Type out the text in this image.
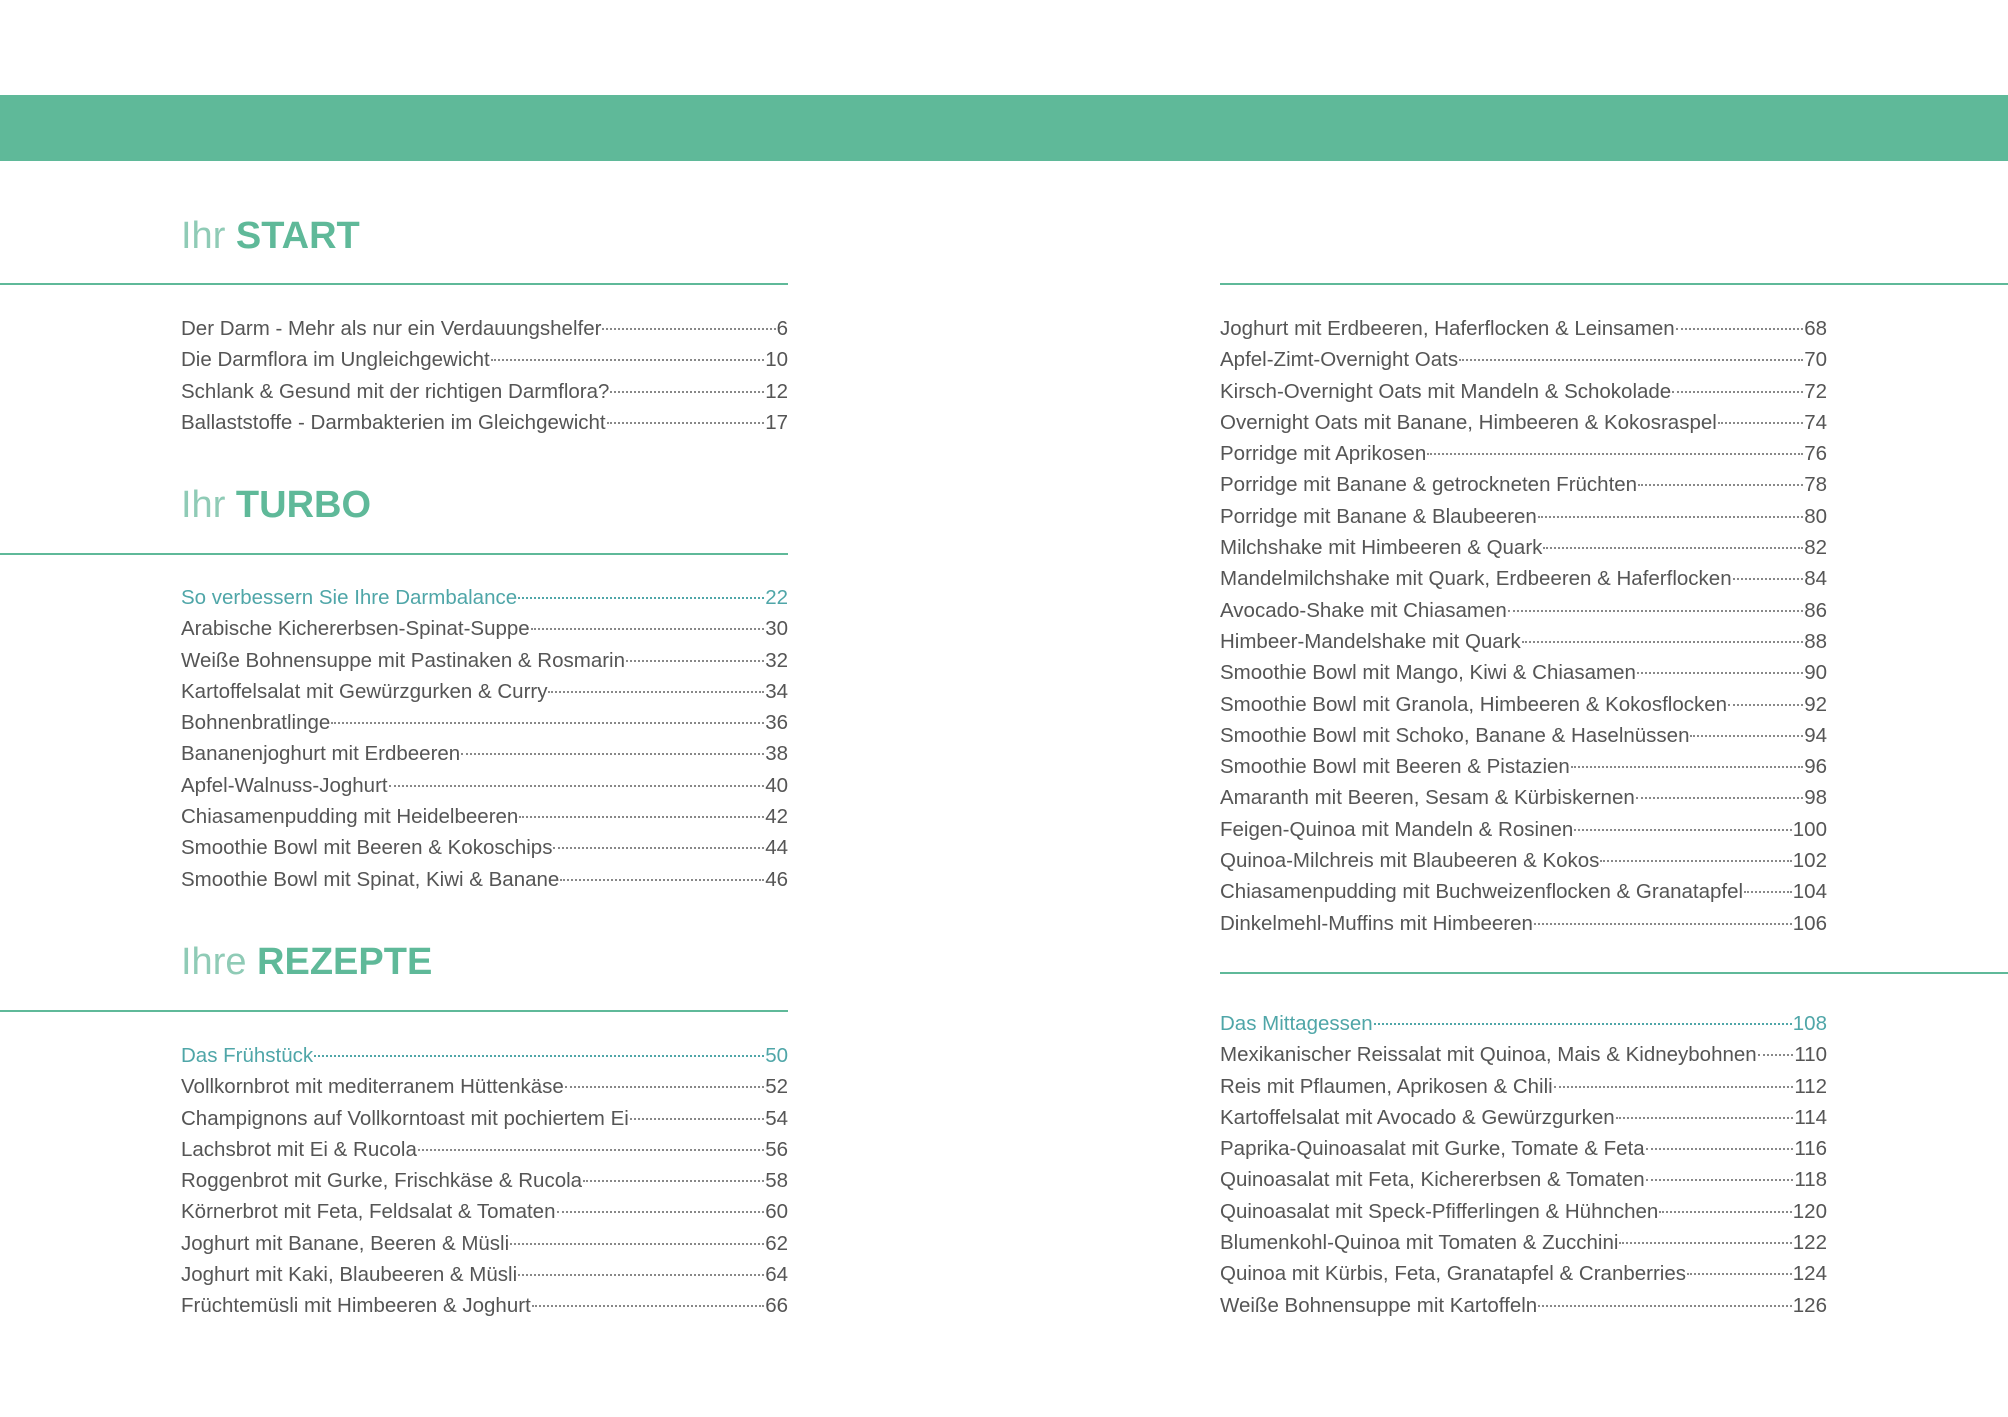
Ihr START
Der Darm - Mehr als nur ein Verdauungshelfer	6
Die Darmflora im Ungleichgewicht	10
Schlank & Gesund mit der richtigen Darmflora?	12
Ballaststoffe - Darmbakterien im Gleichgewicht	17
Ihr TURBO
So verbessern Sie Ihre Darmbalance	22
Arabische Kichererbsen-Spinat-Suppe	30
Weiße Bohnensuppe mit Pastinaken & Rosmarin	32
Kartoffelsalat mit Gewürzgurken & Curry	34
Bohnenbratlinge	36
Bananenjoghurt mit Erdbeeren	38
Apfel-Walnuss-Joghurt	40
Chiasamenpudding mit Heidelbeeren	42
Smoothie Bowl mit Beeren & Kokoschips	44
Smoothie Bowl mit Spinat, Kiwi & Banane	46
Ihre REZEPTE
Das Frühstück	50
Vollkornbrot mit mediterranem Hüttenkäse	52
Champignons auf Vollkorntoast mit pochiertem Ei	54
Lachsbrot mit Ei & Rucola	56
Roggenbrot mit Gurke, Frischkäse & Rucola	58
Körnerbrot mit Feta, Feldsalat & Tomaten	60
Joghurt mit Banane, Beeren & Müsli	62
Joghurt mit Kaki, Blaubeeren & Müsli	64
Früchtemüsli mit Himbeeren & Joghurt	66
Joghurt mit Erdbeeren, Haferflocken & Leinsamen	68
Apfel-Zimt-Overnight Oats	70
Kirsch-Overnight Oats mit Mandeln & Schokolade	72
Overnight Oats mit Banane, Himbeeren & Kokosraspel	74
Porridge mit Aprikosen	76
Porridge mit Banane & getrockneten Früchten	78
Porridge mit Banane & Blaubeeren	80
Milchshake mit Himbeeren & Quark	82
Mandelmilchshake mit Quark, Erdbeeren & Haferflocken	84
Avocado-Shake mit Chiasamen	86
Himbeer-Mandelshake mit Quark	88
Smoothie Bowl mit Mango, Kiwi & Chiasamen	90
Smoothie Bowl mit Granola, Himbeeren & Kokosflocken	92
Smoothie Bowl mit Schoko, Banane & Haselnüssen	94
Smoothie Bowl mit Beeren & Pistazien	96
Amaranth mit Beeren, Sesam & Kürbiskernen	98
Feigen-Quinoa mit Mandeln & Rosinen	100
Quinoa-Milchreis mit Blaubeeren & Kokos	102
Chiasamenpudding mit Buchweizenflocken & Granatapfel 104
Dinkelmehl-Muffins mit Himbeeren	106
Das Mittagessen	108
Mexikanischer Reissalat mit Quinoa, Mais & Kidneybohnen 110
Reis mit Pflaumen, Aprikosen & Chili	112
Kartoffelsalat mit Avocado & Gewürzgurken	114
Paprika-Quinoasalat mit Gurke, Tomate & Feta	116
Quinoasalat mit Feta, Kichererbsen & Tomaten	118
Quinoasalat mit Speck-Pfifferlingen & Hühnchen	120
Blumenkohl-Quinoa mit Tomaten & Zucchini	122
Quinoa mit Kürbis, Feta, Granatapfel & Cranberries	124
Weiße Bohnensuppe mit Kartoffeln	126
